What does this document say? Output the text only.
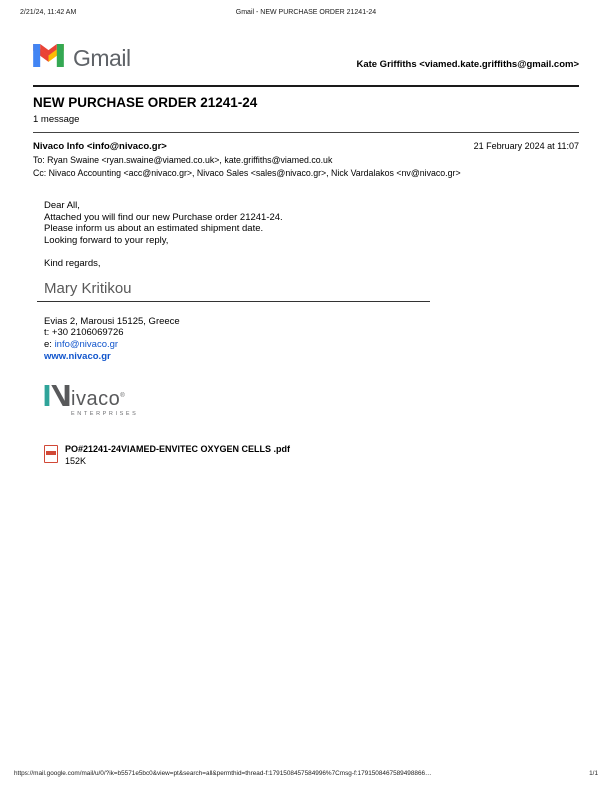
2/21/24, 11:42 AM	Gmail - NEW PURCHASE ORDER 21241-24
Gmail	Kate Griffiths <viamed.kate.griffiths@gmail.com>
NEW PURCHASE ORDER 21241-24
1 message
Nivaco Info <info@nivaco.gr>	21 February 2024 at 11:07
To: Ryan Swaine <ryan.swaine@viamed.co.uk>, kate.griffiths@viamed.co.uk
Cc: Nivaco Accounting <acc@nivaco.gr>, Nivaco Sales <sales@nivaco.gr>, Nick Vardalakos <nv@nivaco.gr>
Dear All,
Attached you will find our new Purchase order 21241-24.
Please inform us about an estimated shipment date.
Looking forward to your reply,
Kind regards,
Mary Kritikou
Evias 2, Marousi 15125, Greece
t: +30 2106069726
e: info@nivaco.gr
www.nivaco.gr
ivaco ®
ENTERPRISES
PO#21241-24VIAMED-ENVITEC OXYGEN CELLS .pdf
152K
https://mail.google.com/mail/u/0/?ik=b5571e5bc0&view=pt&search=all&permthid=thread-f:1791508457584996%7Cmsg-f:1791508467589498866…	1/1
